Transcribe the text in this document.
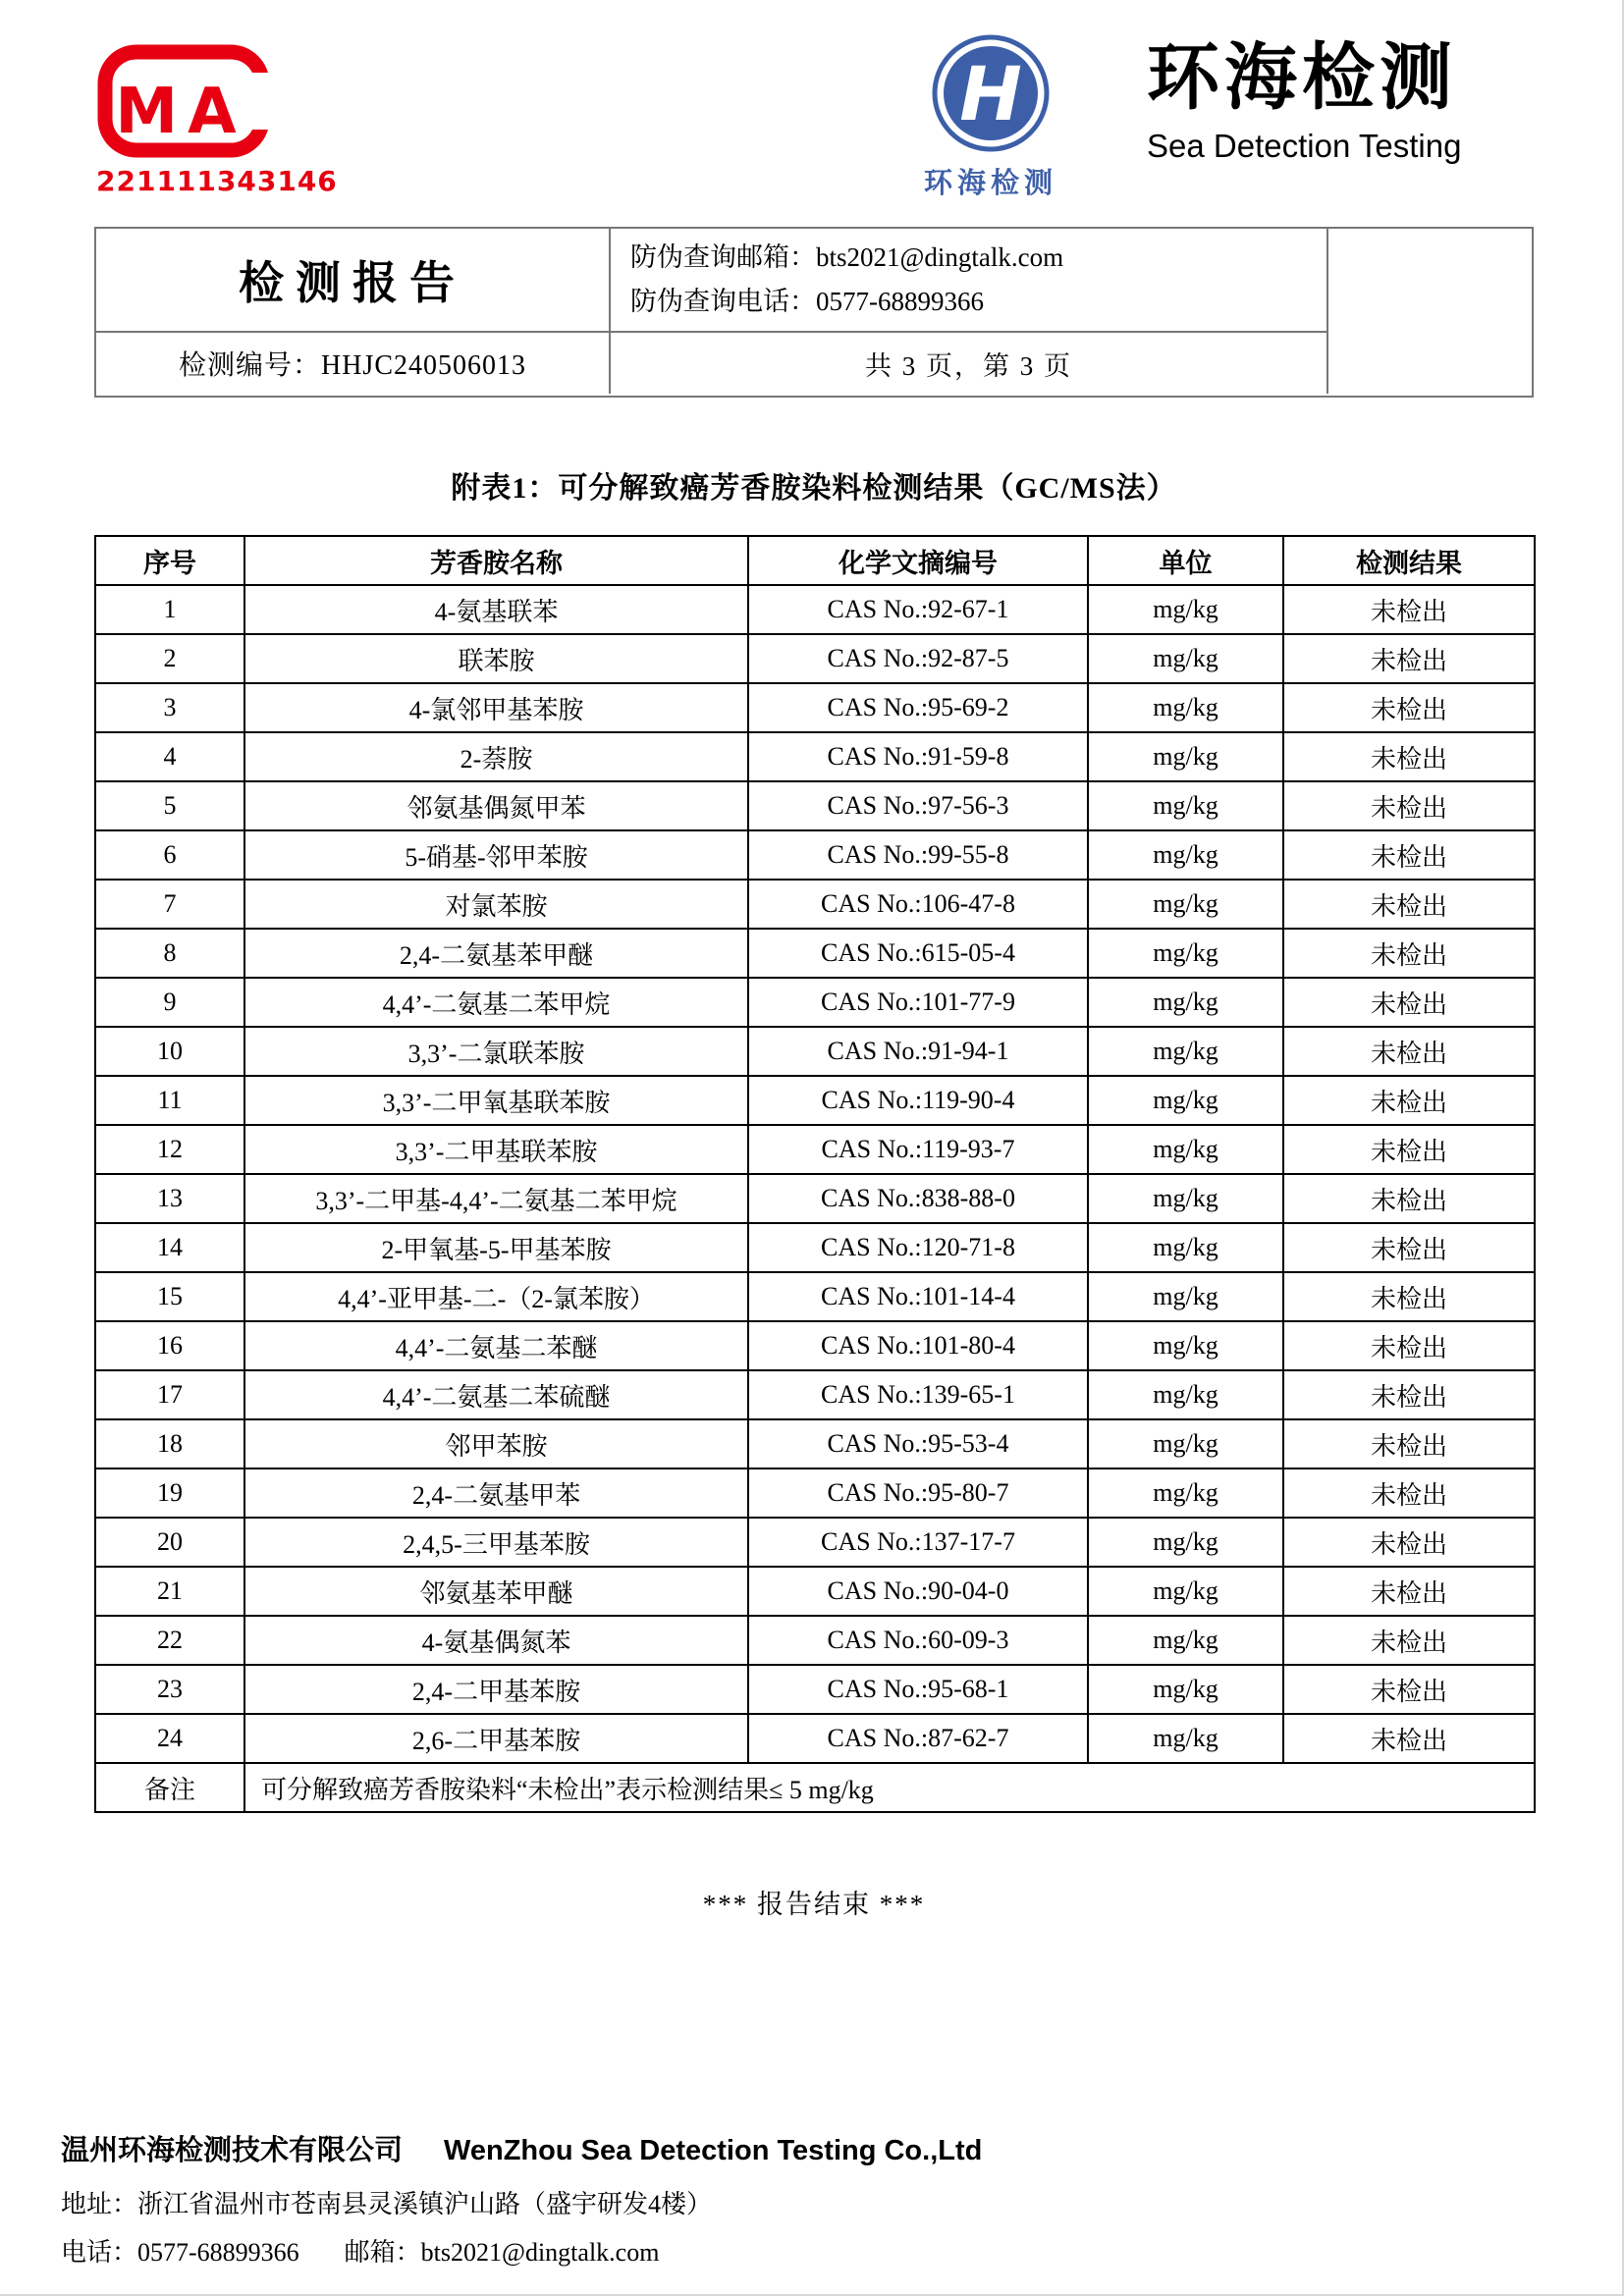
MA
221111343146
H
环海检测
环海检测
Sea Detection Testing
检测报告	防伪查询邮箱：bts2021@dingtalk.com
防伪查询电话：0577-68899366
检测编号：HHJC240506013	共 3 页，第 3 页
附表1：可分解致癌芳香胺染料检测结果（GC/MS法）
序号	芳香胺名称	化学文摘编号	单位	检测结果
1	4-氨基联苯	CAS No.:92-67-1	mg/kg	未检出
2	联苯胺	CAS No.:92-87-5	mg/kg	未检出
3	4-氯邻甲基苯胺	CAS No.:95-69-2	mg/kg	未检出
4	2-萘胺	CAS No.:91-59-8	mg/kg	未检出
5	邻氨基偶氮甲苯	CAS No.:97-56-3	mg/kg	未检出
6	5-硝基-邻甲苯胺	CAS No.:99-55-8	mg/kg	未检出
7	对氯苯胺	CAS No.:106-47-8	mg/kg	未检出
8	2,4-二氨基苯甲醚	CAS No.:615-05-4	mg/kg	未检出
9	4,4’-二氨基二苯甲烷	CAS No.:101-77-9	mg/kg	未检出
10	3,3’-二氯联苯胺	CAS No.:91-94-1	mg/kg	未检出
11	3,3’-二甲氧基联苯胺	CAS No.:119-90-4	mg/kg	未检出
12	3,3’-二甲基联苯胺	CAS No.:119-93-7	mg/kg	未检出
13	3,3’-二甲基-4,4’-二氨基二苯甲烷	CAS No.:838-88-0	mg/kg	未检出
14	2-甲氧基-5-甲基苯胺	CAS No.:120-71-8	mg/kg	未检出
15	4,4’-亚甲基-二-（2-氯苯胺）	CAS No.:101-14-4	mg/kg	未检出
16	4,4’-二氨基二苯醚	CAS No.:101-80-4	mg/kg	未检出
17	4,4’-二氨基二苯硫醚	CAS No.:139-65-1	mg/kg	未检出
18	邻甲苯胺	CAS No.:95-53-4	mg/kg	未检出
19	2,4-二氨基甲苯	CAS No.:95-80-7	mg/kg	未检出
20	2,4,5-三甲基苯胺	CAS No.:137-17-7	mg/kg	未检出
21	邻氨基苯甲醚	CAS No.:90-04-0	mg/kg	未检出
22	4-氨基偶氮苯	CAS No.:60-09-3	mg/kg	未检出
23	2,4-二甲基苯胺	CAS No.:95-68-1	mg/kg	未检出
24	2,6-二甲基苯胺	CAS No.:87-62-7	mg/kg	未检出
备注	可分解致癌芳香胺染料“未检出”表示检测结果≤ 5 mg/kg			
*** 报告结束 ***
温州环海检测技术有限公司 WenZhou Sea Detection Testing Co.,Ltd
地址：浙江省温州市苍南县灵溪镇沪山路（盛宇研发4楼）
电话：0577-68899366 邮箱：bts2021@dingtalk.com
